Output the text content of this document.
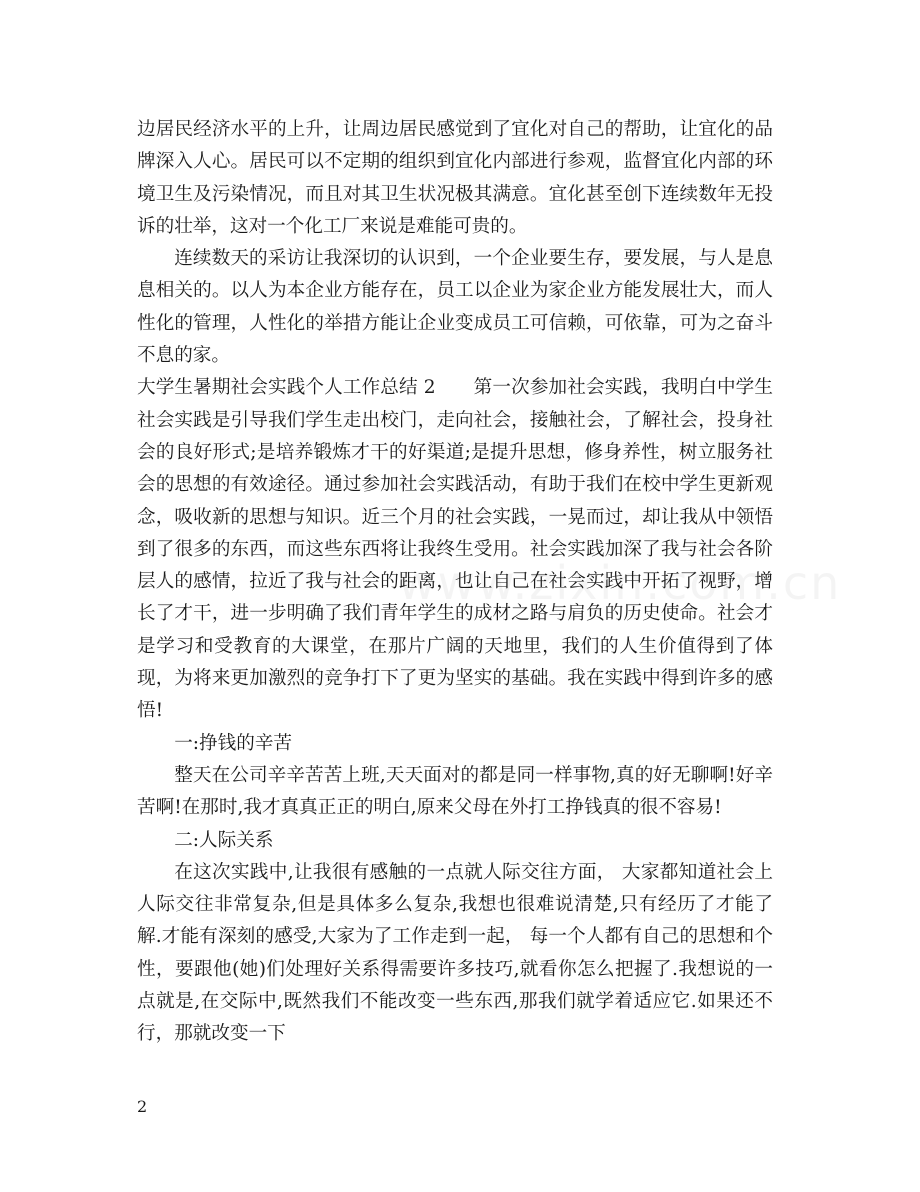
边居民经济水平的上升，让周边居民感觉到了宜化对自己的帮助，让宜化的品牌深入人心。居民可以不定期的组织到宜化内部进行参观，监督宜化内部的环境卫生及污染情况，而且对其卫生状况极其满意。宜化甚至创下连续数年无投诉的壮举，这对一个化工厂来说是难能可贵的。

连续数天的采访让我深切的认识到，一个企业要生存，要发展，与人是息息相关的。以人为本企业方能存在，员工以企业为家企业方能发展壮大，而人性化的管理，人性化的举措方能让企业变成员工可信赖，可依靠，可为之奋斗不息的家。

大学生暑期社会实践个人工作总结 2 第一次参加社会实践，我明白中学生社会实践是引导我们学生走出校门，走向社会，接触社会，了解社会，投身社会的良好形式;是培养锻炼才干的好渠道;是提升思想，修身养性，树立服务社会的思想的有效途径。通过参加社会实践活动，有助于我们在校中学生更新观念，吸收新的思想与知识。近三个月的社会实践，一晃而过，却让我从中领悟到了很多的东西，而这些东西将让我终生受用。社会实践加深了我与社会各阶层人的感情，拉近了我与社会的距离，也让自己在社会实践中开拓了视野，增长了才干，进一步明确了我们青年学生的成材之路与肩负的历史使命。社会才是学习和受教育的大课堂，在那片广阔的天地里，我们的人生价值得到了体现，为将来更加激烈的竞争打下了更为坚实的基础。我在实践中得到许多的感悟!

一:挣钱的辛苦

整天在公司辛辛苦苦上班,天天面对的都是同一样事物,真的好无聊啊!好辛苦啊!在那时,我才真真正正的明白,原来父母在外打工挣钱真的很不容易!

二:人际关系

在这次实践中,让我很有感触的一点就人际交往方面， 大家都知道社会上人际交往非常复杂,但是具体多么复杂,我想也很难说清楚,只有经历了才能了解.才能有深刻的感受,大家为了工作走到一起， 每一个人都有自己的思想和个性，要跟他(她)们处理好关系得需要许多技巧,就看你怎么把握了.我想说的一点就是,在交际中,既然我们不能改变一些东西,那我们就学着适应它.如果还不行，那就改变一下

2
